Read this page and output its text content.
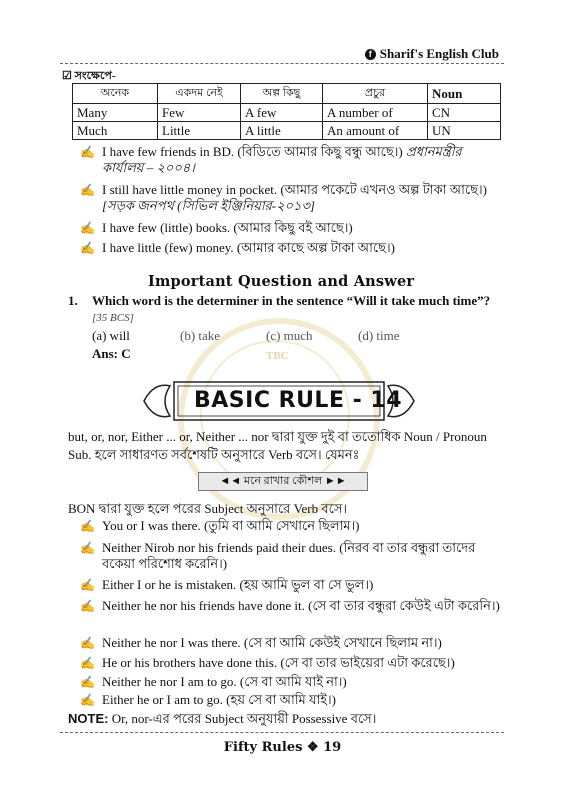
f Sharif's English Club
☑ সংক্ষেপে-
অনেক	একদম নেই	অল্প কিছু	প্রচুর	Noun
Many	Few	A few	A number of	CN
Much	Little	A little	An amount of	UN
✍ I have few friends in BD. (বিডিতে আমার কিছু বন্ধু আছে।) প্রধানমন্ত্রীর কার্যালয় – ২০০৪।
✍ I still have little money in pocket. (আমার পকেটে এখনও অল্প টাকা আছে।) [সড়ক জনপথ (সিভিল ইঞ্জিনিয়ার-২০১৩]
✍ I have few (little) books. (আমার কিছু বই আছে।)
✍ I have little (few) money. (আমার কাছে অল্প টাকা আছে।)
Important Question and Answer
1.	Which word is the determiner in the sentence “Will it take much time”? [35 BCS]
(a) will	(b) take	(c) much	(d) time
Ans: C	TBC
BASIC RULE - 14
but, or, nor, Either ... or, Neither ... nor দ্বারা যুক্ত দুই বা ততোধিক Noun / Pronoun Sub. হলে সাধারণত সর্বশেষটি অনুসারে Verb বসে। যেমনঃ
◄◄ মনে রাখার কৌশল ►►
BON দ্বারা যুক্ত হলে পরের Subject অনুসারে Verb বসে।
✍ You or I was there. (তুমি বা আমি সেখানে ছিলাম।)
✍ Neither Nirob nor his friends paid their dues. (নিরব বা তার বন্ধুরা তাদের বকেয়া পরিশোধ করেনি।)
✍ Either I or he is mistaken. (হয় আমি ভুল বা সে ভুল।)
✍ Neither he nor his friends have done it. (সে বা তার বন্ধুরা কেউই এটা করেনি।)
✍ Neither he nor I was there. (সে বা আমি কেউই সেখানে ছিলাম না।)
✍ He or his brothers have done this. (সে বা তার ভাইয়েরা এটা করেছে।)
✍ Neither he nor I am to go. (সে বা আমি যাই না।)
✍ Either he or I am to go. (হয় সে বা আমি যাই।)
NOTE: Or, nor-এর পরের Subject অনুযায়ী Possessive বসে।
Fifty Rules ❖ 19
